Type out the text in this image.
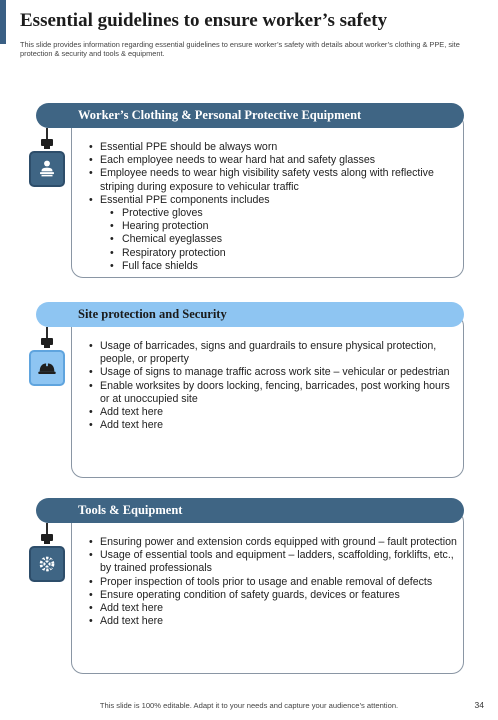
Essential guidelines to ensure worker’s safety

This slide provides information regarding essential guidelines to ensure worker’s safety with details about worker’s clothing & PPE, site protection & security and tools & equipment.

Worker’s Clothing & Personal Protective Equipment
• Essential PPE should be always worn
• Each employee needs to wear hard hat and safety glasses
• Employee needs to wear high visibility safety vests along with reflective striping during exposure to vehicular traffic
• Essential PPE components includes
• Protective gloves
• Hearing protection
• Chemical eyeglasses
• Respiratory protection
• Full face shields
Site protection and Security
• Usage of barricades, signs and guardrails to ensure physical protection, people, or property
• Usage of signs to manage traffic across work site – vehicular or pedestrian
• Enable worksites by doors locking, fencing, barricades, post working hours or at unoccupied site
• Add text here
• Add text here
Tools & Equipment
• Ensuring power and extension cords equipped with ground – fault protection
• Usage of essential tools and equipment – ladders, scaffolding, forklifts, etc., by trained professionals
• Proper inspection of tools prior to usage and enable removal of defects
• Ensure operating condition of safety guards, devices or features
• Add text here
• Add text here

This slide is 100% editable. Adapt it to your needs and capture your audience’s attention.	34
